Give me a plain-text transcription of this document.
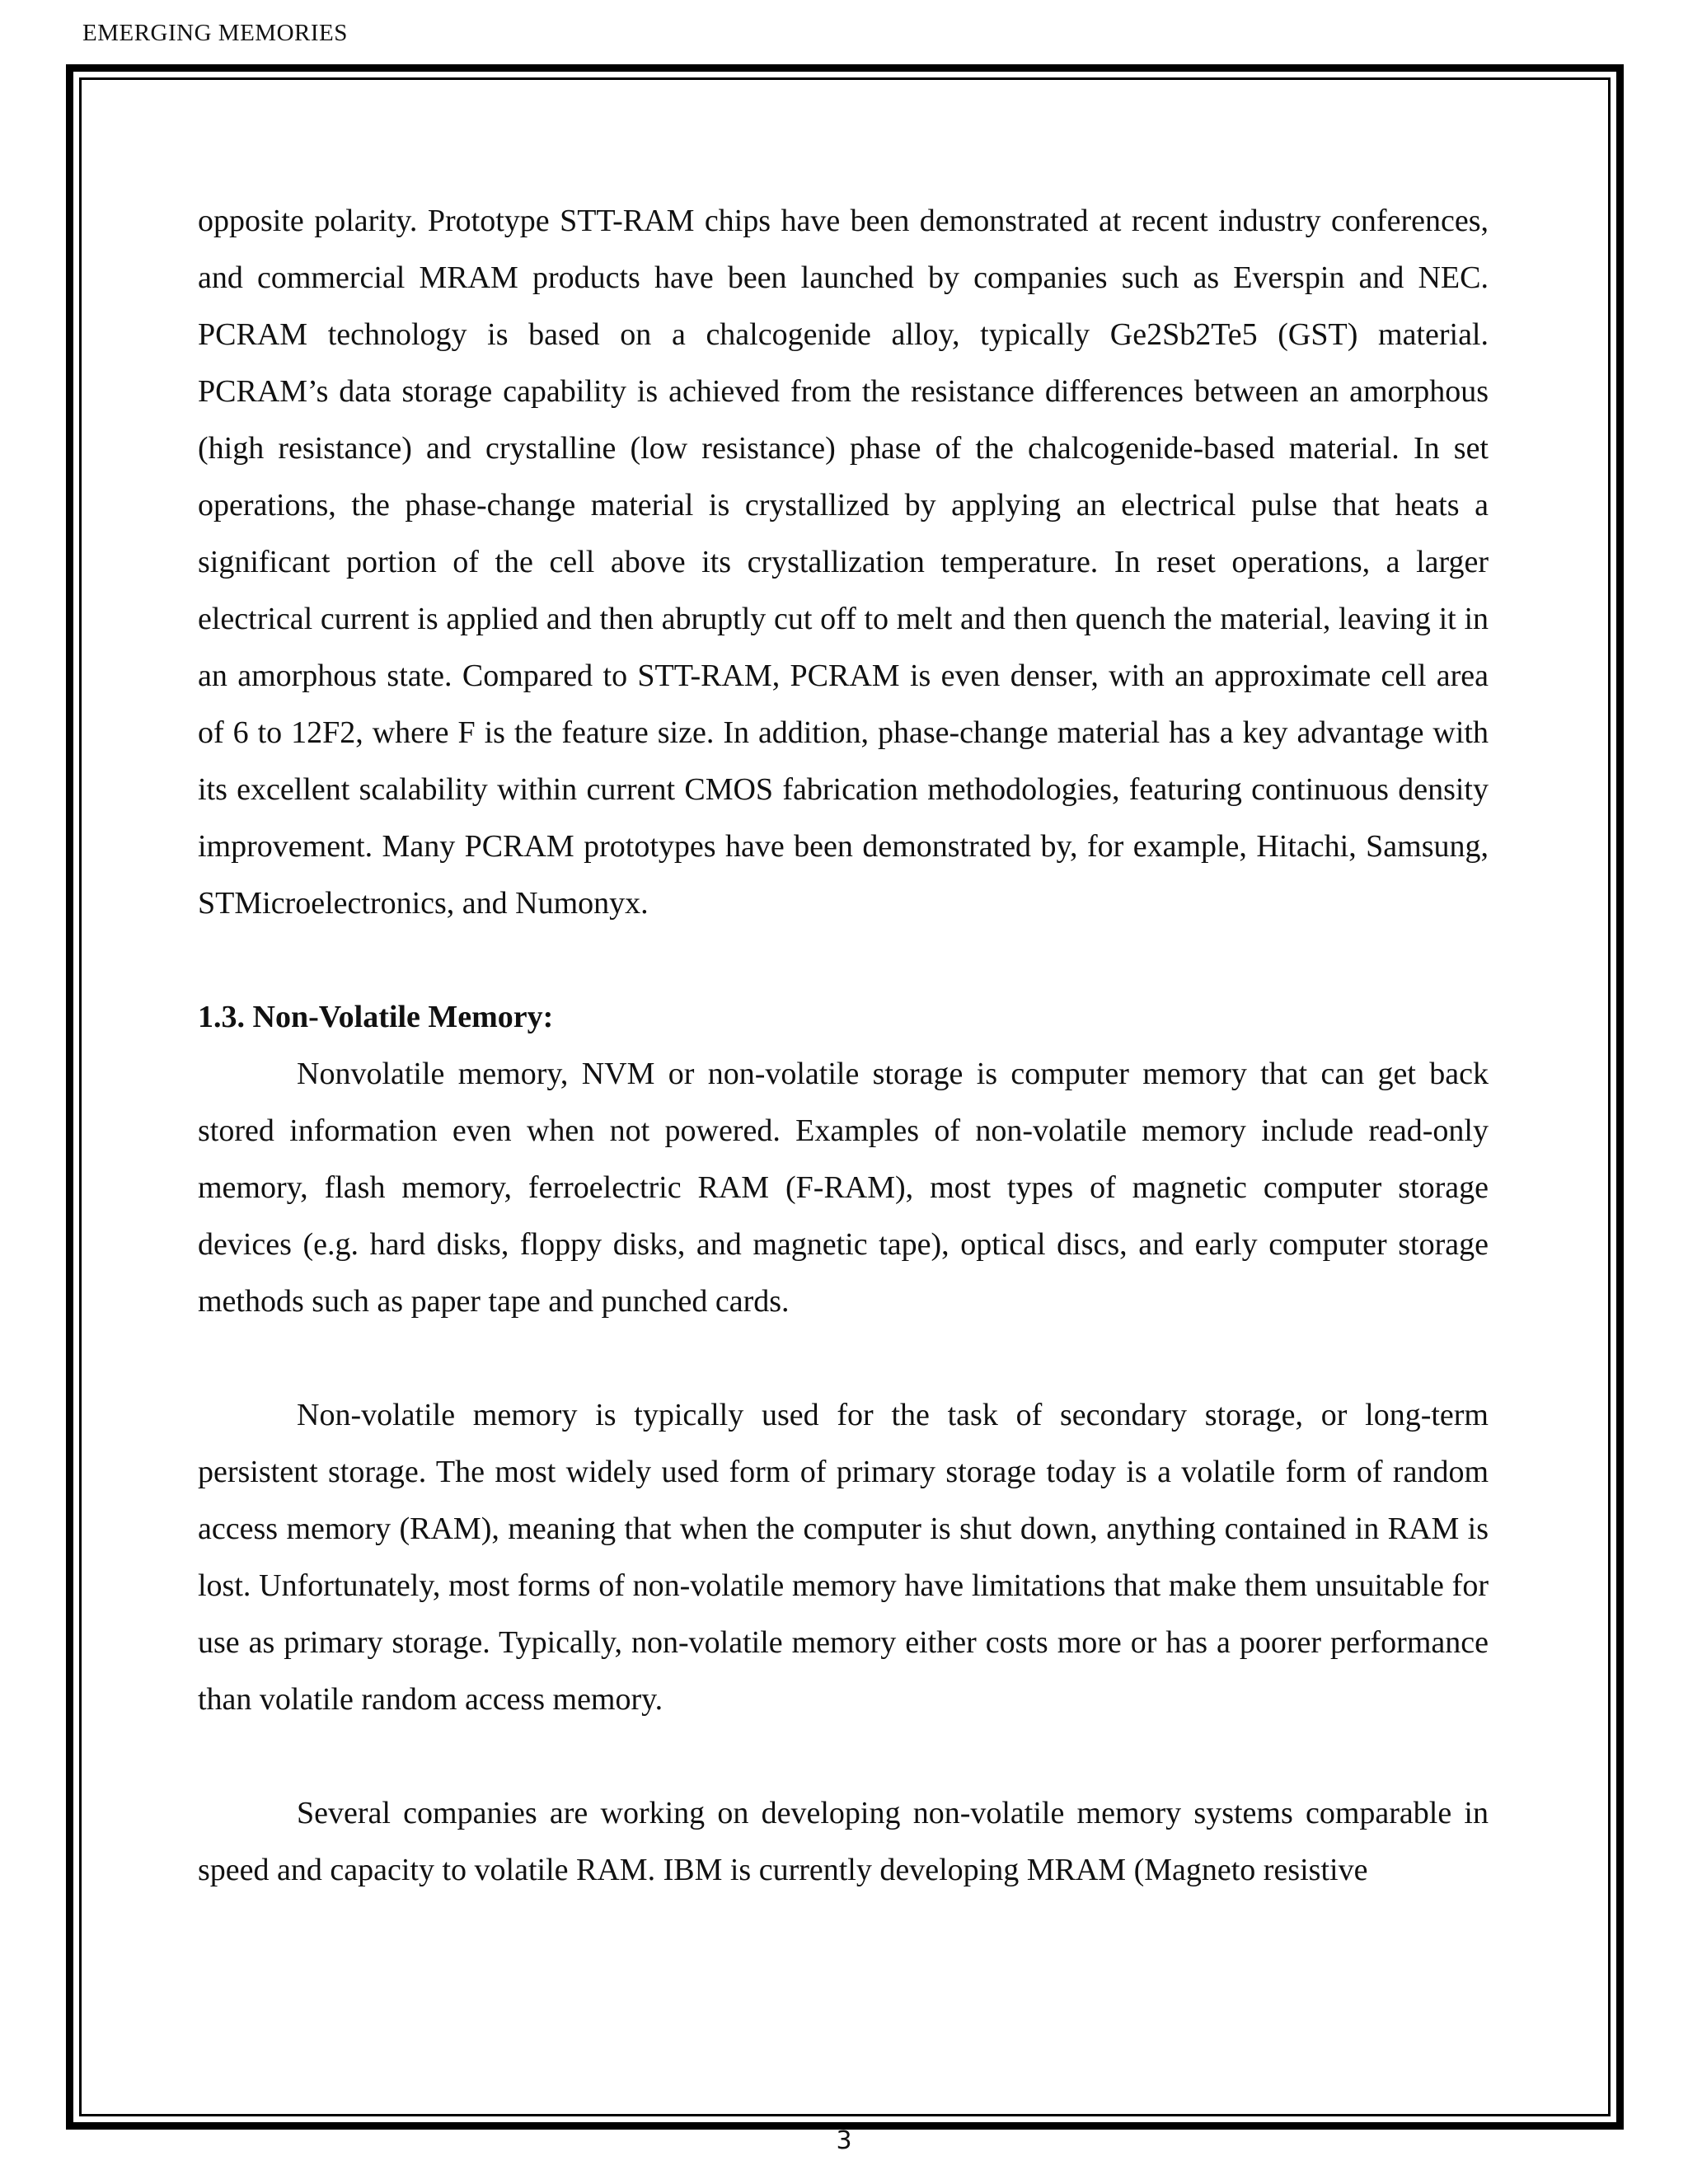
EMERGING MEMORIES

opposite polarity. Prototype STT-RAM chips have been demonstrated at recent industry conferences, and commercial MRAM products have been launched by companies such as Everspin and NEC. PCRAM technology is based on a chalcogenide alloy, typically Ge2Sb2Te5 (GST) material. PCRAM’s data storage capability is achieved from the resistance differences between an amorphous (high resistance) and crystalline (low resistance) phase of the chalcogenide-based material. In set operations, the phase-change material is crystallized by applying an electrical pulse that heats a significant portion of the cell above its crystallization temperature. In reset operations, a larger electrical current is applied and then abruptly cut off to melt and then quench the material, leaving it in an amorphous state. Compared to STT-RAM, PCRAM is even denser, with an approximate cell area of 6 to 12F2, where F is the feature size. In addition, phase-change material has a key advantage with its excellent scalability within current CMOS fabrication methodologies, featuring continuous density improvement. Many PCRAM prototypes have been demonstrated by, for example, Hitachi, Samsung, STMicroelectronics, and Numonyx.

1.3. Non-Volatile Memory:

Nonvolatile memory, NVM or non-volatile storage is computer memory that can get back stored information even when not powered. Examples of non-volatile memory include read-only memory, flash memory, ferroelectric RAM (F-RAM), most types of magnetic computer storage devices (e.g. hard disks, floppy disks, and magnetic tape), optical discs, and early computer storage methods such as paper tape and punched cards.

Non-volatile memory is typically used for the task of secondary storage, or long-term persistent storage. The most widely used form of primary storage today is a volatile form of random access memory (RAM), meaning that when the computer is shut down, anything contained in RAM is lost. Unfortunately, most forms of non-volatile memory have limitations that make them unsuitable for use as primary storage. Typically, non-volatile memory either costs more or has a poorer performance than volatile random access memory.

Several companies are working on developing non-volatile memory systems comparable in speed and capacity to volatile RAM. IBM is currently developing MRAM (Magneto resistive

3
